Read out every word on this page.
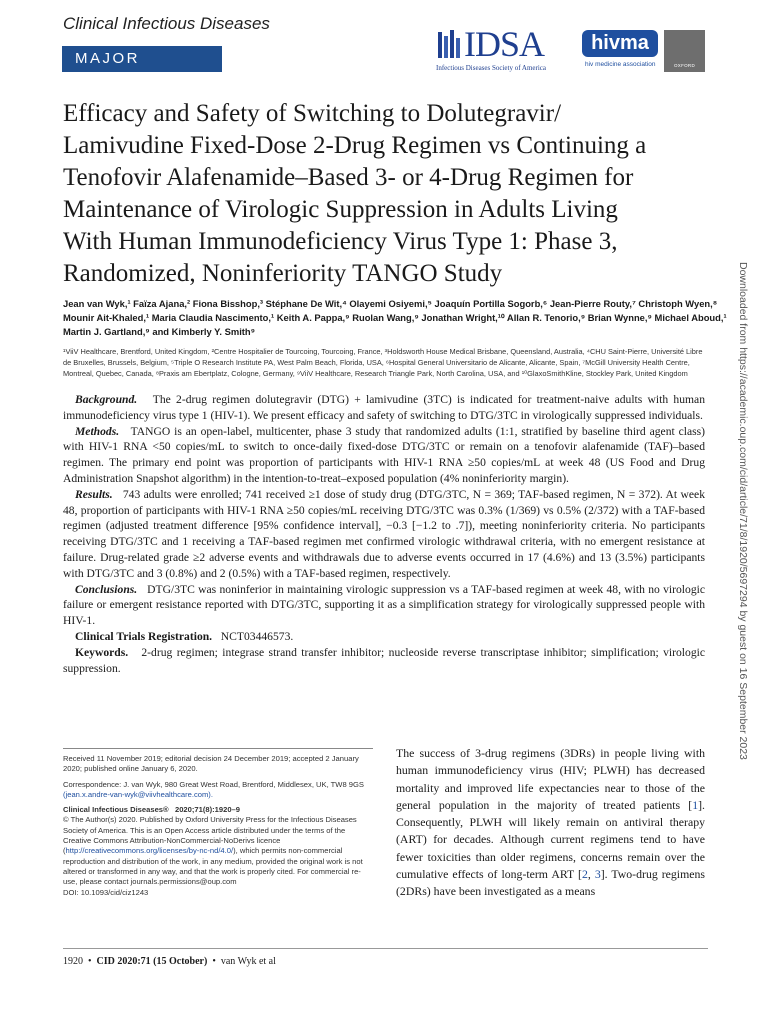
Clinical Infectious Diseases
MAJOR ARTICLE
IDSA
Infectious Diseases Society of America
hivma
hiv medicine association	OXFORD
Efficacy and Safety of Switching to Dolutegravir/
Lamivudine Fixed-Dose 2-Drug Regimen vs Continuing a
Tenofovir Alafenamide–Based 3- or 4-Drug Regimen for
Maintenance of Virologic Suppression in Adults Living
With Human Immunodeficiency Virus Type 1: Phase 3,
Randomized, Noninferiority TANGO Study
Jean van Wyk,¹ Faïza Ajana,² Fiona Bisshop,³ Stéphane De Wit,⁴ Olayemi Osiyemi,⁵ Joaquín Portilla Sogorb,⁶ Jean-Pierre Routy,⁷ Christoph Wyen,⁸
Mounir Ait-Khaled,¹ Maria Claudia Nascimento,¹ Keith A. Pappa,⁹ Ruolan Wang,⁹ Jonathan Wright,¹⁰ Allan R. Tenorio,⁹ Brian Wynne,⁹ Michael Aboud,¹
Martin J. Gartland,⁹ and Kimberly Y. Smith⁹
¹ViiV Healthcare, Brentford, United Kingdom, ²Centre Hospitalier de Tourcoing, Tourcoing, France, ³Holdsworth House Medical Brisbane, Queensland, Australia, ⁴CHU Saint-Pierre, Université Libre
de Bruxelles, Brussels, Belgium, ⁵Triple O Research Institute PA, West Palm Beach, Florida, USA, ⁶Hospital General Universitario de Alicante, Alicante, Spain, ⁷McGill University Health Centre,
Montreal, Quebec, Canada, ⁸Praxis am Ebertplatz, Cologne, Germany, ⁹ViiV Healthcare, Research Triangle Park, North Carolina, USA, and ¹⁰GlaxoSmithKline, Stockley Park, United Kingdom

Background. The 2-drug regimen dolutegravir (DTG) + lamivudine (3TC) is indicated for treatment-naive adults with human immunodeficiency virus type 1 (HIV-1). We present efficacy and safety of switching to DTG/3TC in virologically suppressed individuals.

Methods. TANGO is an open-label, multicenter, phase 3 study that randomized adults (1:1, stratified by baseline third agent class) with HIV-1 RNA <50 copies/mL to switch to once-daily fixed-dose DTG/3TC or remain on a tenofovir alafenamide (TAF)–based regimen. The primary end point was proportion of participants with HIV-1 RNA ≥50 copies/mL at week 48 (US Food and Drug Administration Snapshot algorithm) in the intention-to-treat–exposed population (4% noninferiority margin).

Results. 743 adults were enrolled; 741 received ≥1 dose of study drug (DTG/3TC, N = 369; TAF-based regimen, N = 372). At week 48, proportion of participants with HIV-1 RNA ≥50 copies/mL receiving DTG/3TC was 0.3% (1/369) vs 0.5% (2/372) with a TAF-based regimen (adjusted treatment difference [95% confidence interval], −0.3 [−1.2 to .7]), meeting noninferiority criteria. No participants receiving DTG/3TC and 1 receiving a TAF-based regimen met confirmed virologic withdrawal criteria, with no emergent resistance at failure. Drug-related grade ≥2 adverse events and withdrawals due to adverse events occurred in 17 (4.6%) and 13 (3.5%) participants with DTG/3TC and 3 (0.8%) and 2 (0.5%) with a TAF-based regimen, respectively.

Conclusions. DTG/3TC was noninferior in maintaining virologic suppression vs a TAF-based regimen at week 48, with no virologic failure or emergent resistance reported with DTG/3TC, supporting it as a simplification strategy for virologically suppressed people with HIV-1.

Clinical Trials Registration. NCT03446573.

Keywords. 2-drug regimen; integrase strand transfer inhibitor; nucleoside reverse transcriptase inhibitor; simplification; virologic suppression.

Received 11 November 2019; editorial decision 24 December 2019; accepted 2 January 2020; published online January 6, 2020.

Correspondence: J. van Wyk, 980 Great West Road, Brentford, Middlesex, UK, TW8 9GS (jean.x.andre-van-wyk@viivhealthcare.com).

Clinical Infectious Diseases® 2020;71(8):1920–9
© The Author(s) 2020. Published by Oxford University Press for the Infectious Diseases Society of America. This is an Open Access article distributed under the terms of the Creative Commons Attribution-NonCommercial-NoDerivs licence (http://creativecommons.org/licenses/by-nc-nd/4.0/), which permits non-commercial reproduction and distribution of the work, in any medium, provided the original work is not altered or transformed in any way, and that the work is properly cited. For commercial re-use, please contact journals.permissions@oup.com
DOI: 10.1093/cid/ciz1243

The success of 3-drug regimens (3DRs) in people living with human immunodeficiency virus (HIV; PLWH) has decreased mortality and improved life expectancies near to those of the general population in the majority of treated patients [1]. Consequently, PLWH will likely remain on antiviral therapy (ART) for decades. Although current regimens tend to have fewer toxicities than older regimens, concerns remain over the cumulative effects of long-term ART [2, 3]. Two-drug regimens (2DRs) have been investigated as a means

1920  •  CID 2020:71 (15 October)  •  van Wyk et al
Downloaded from https://academic.oup.com/cid/article/71/8/1920/5697294 by guest on 16 September 2023
